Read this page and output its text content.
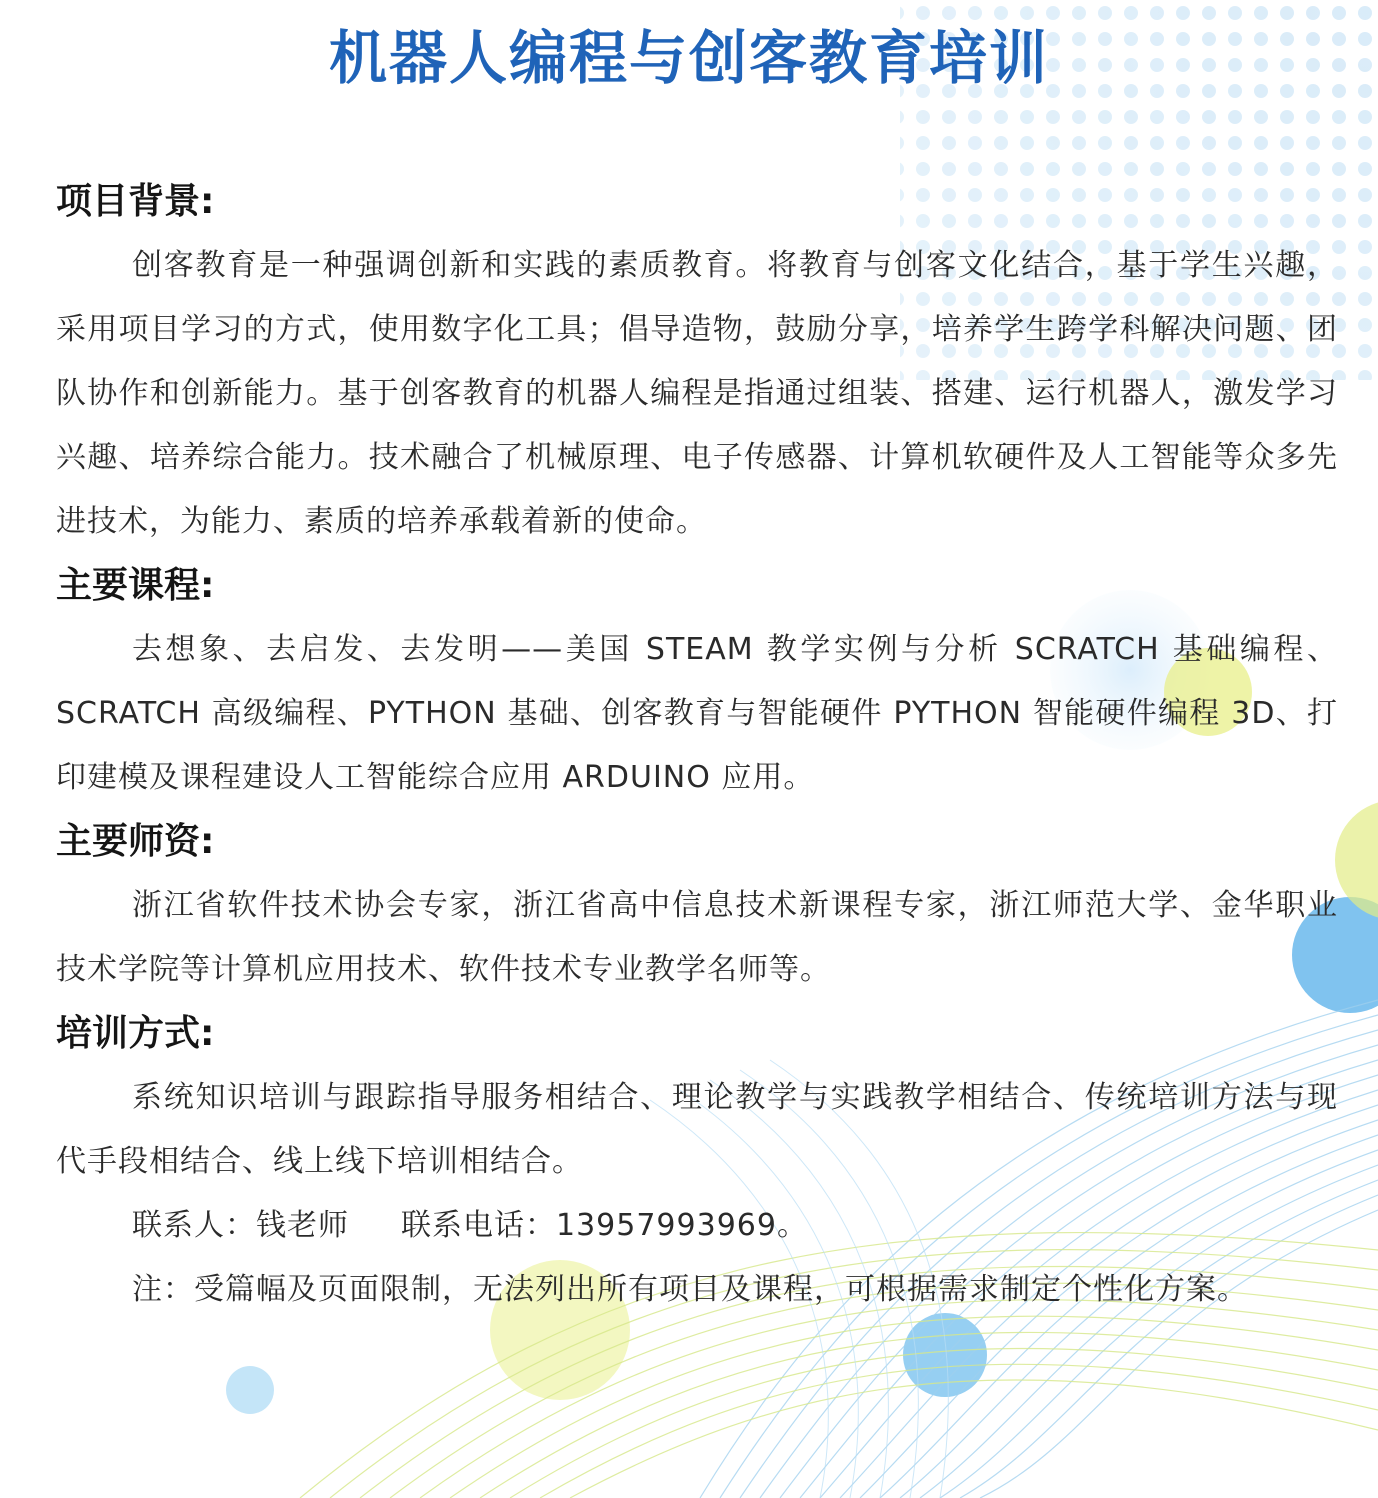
机器人编程与创客教育培训
项目背景:

创客教育是一种强调创新和实践的素质教育。将教育与创客文化结合，基于学生兴趣，采用项目学习的方式，使用数字化工具；倡导造物，鼓励分享，培养学生跨学科解决问题、团队协作和创新能力。基于创客教育的机器人编程是指通过组装、搭建、运行机器人，激发学习兴趣、培养综合能力。技术融合了机械原理、电子传感器、计算机软硬件及人工智能等众多先进技术，为能力、素质的培养承载着新的使命。

主要课程:

去想象、去启发、去发明——美国 STEAM 教学实例与分析 SCRATCH 基础编程、SCRATCH 高级编程、PYTHON 基础、创客教育与智能硬件 PYTHON 智能硬件编程 3D、打印建模及课程建设人工智能综合应用 ARDUINO 应用。

主要师资:

浙江省软件技术协会专家，浙江省高中信息技术新课程专家，浙江师范大学、金华职业技术学院等计算机应用技术、软件技术专业教学名师等。

培训方式:

系统知识培训与跟踪指导服务相结合、理论教学与实践教学相结合、传统培训方法与现代手段相结合、线上线下培训相结合。

联系人：钱老师 联系电话：13957993969。

注：受篇幅及页面限制，无法列出所有项目及课程，可根据需求制定个性化方案。
